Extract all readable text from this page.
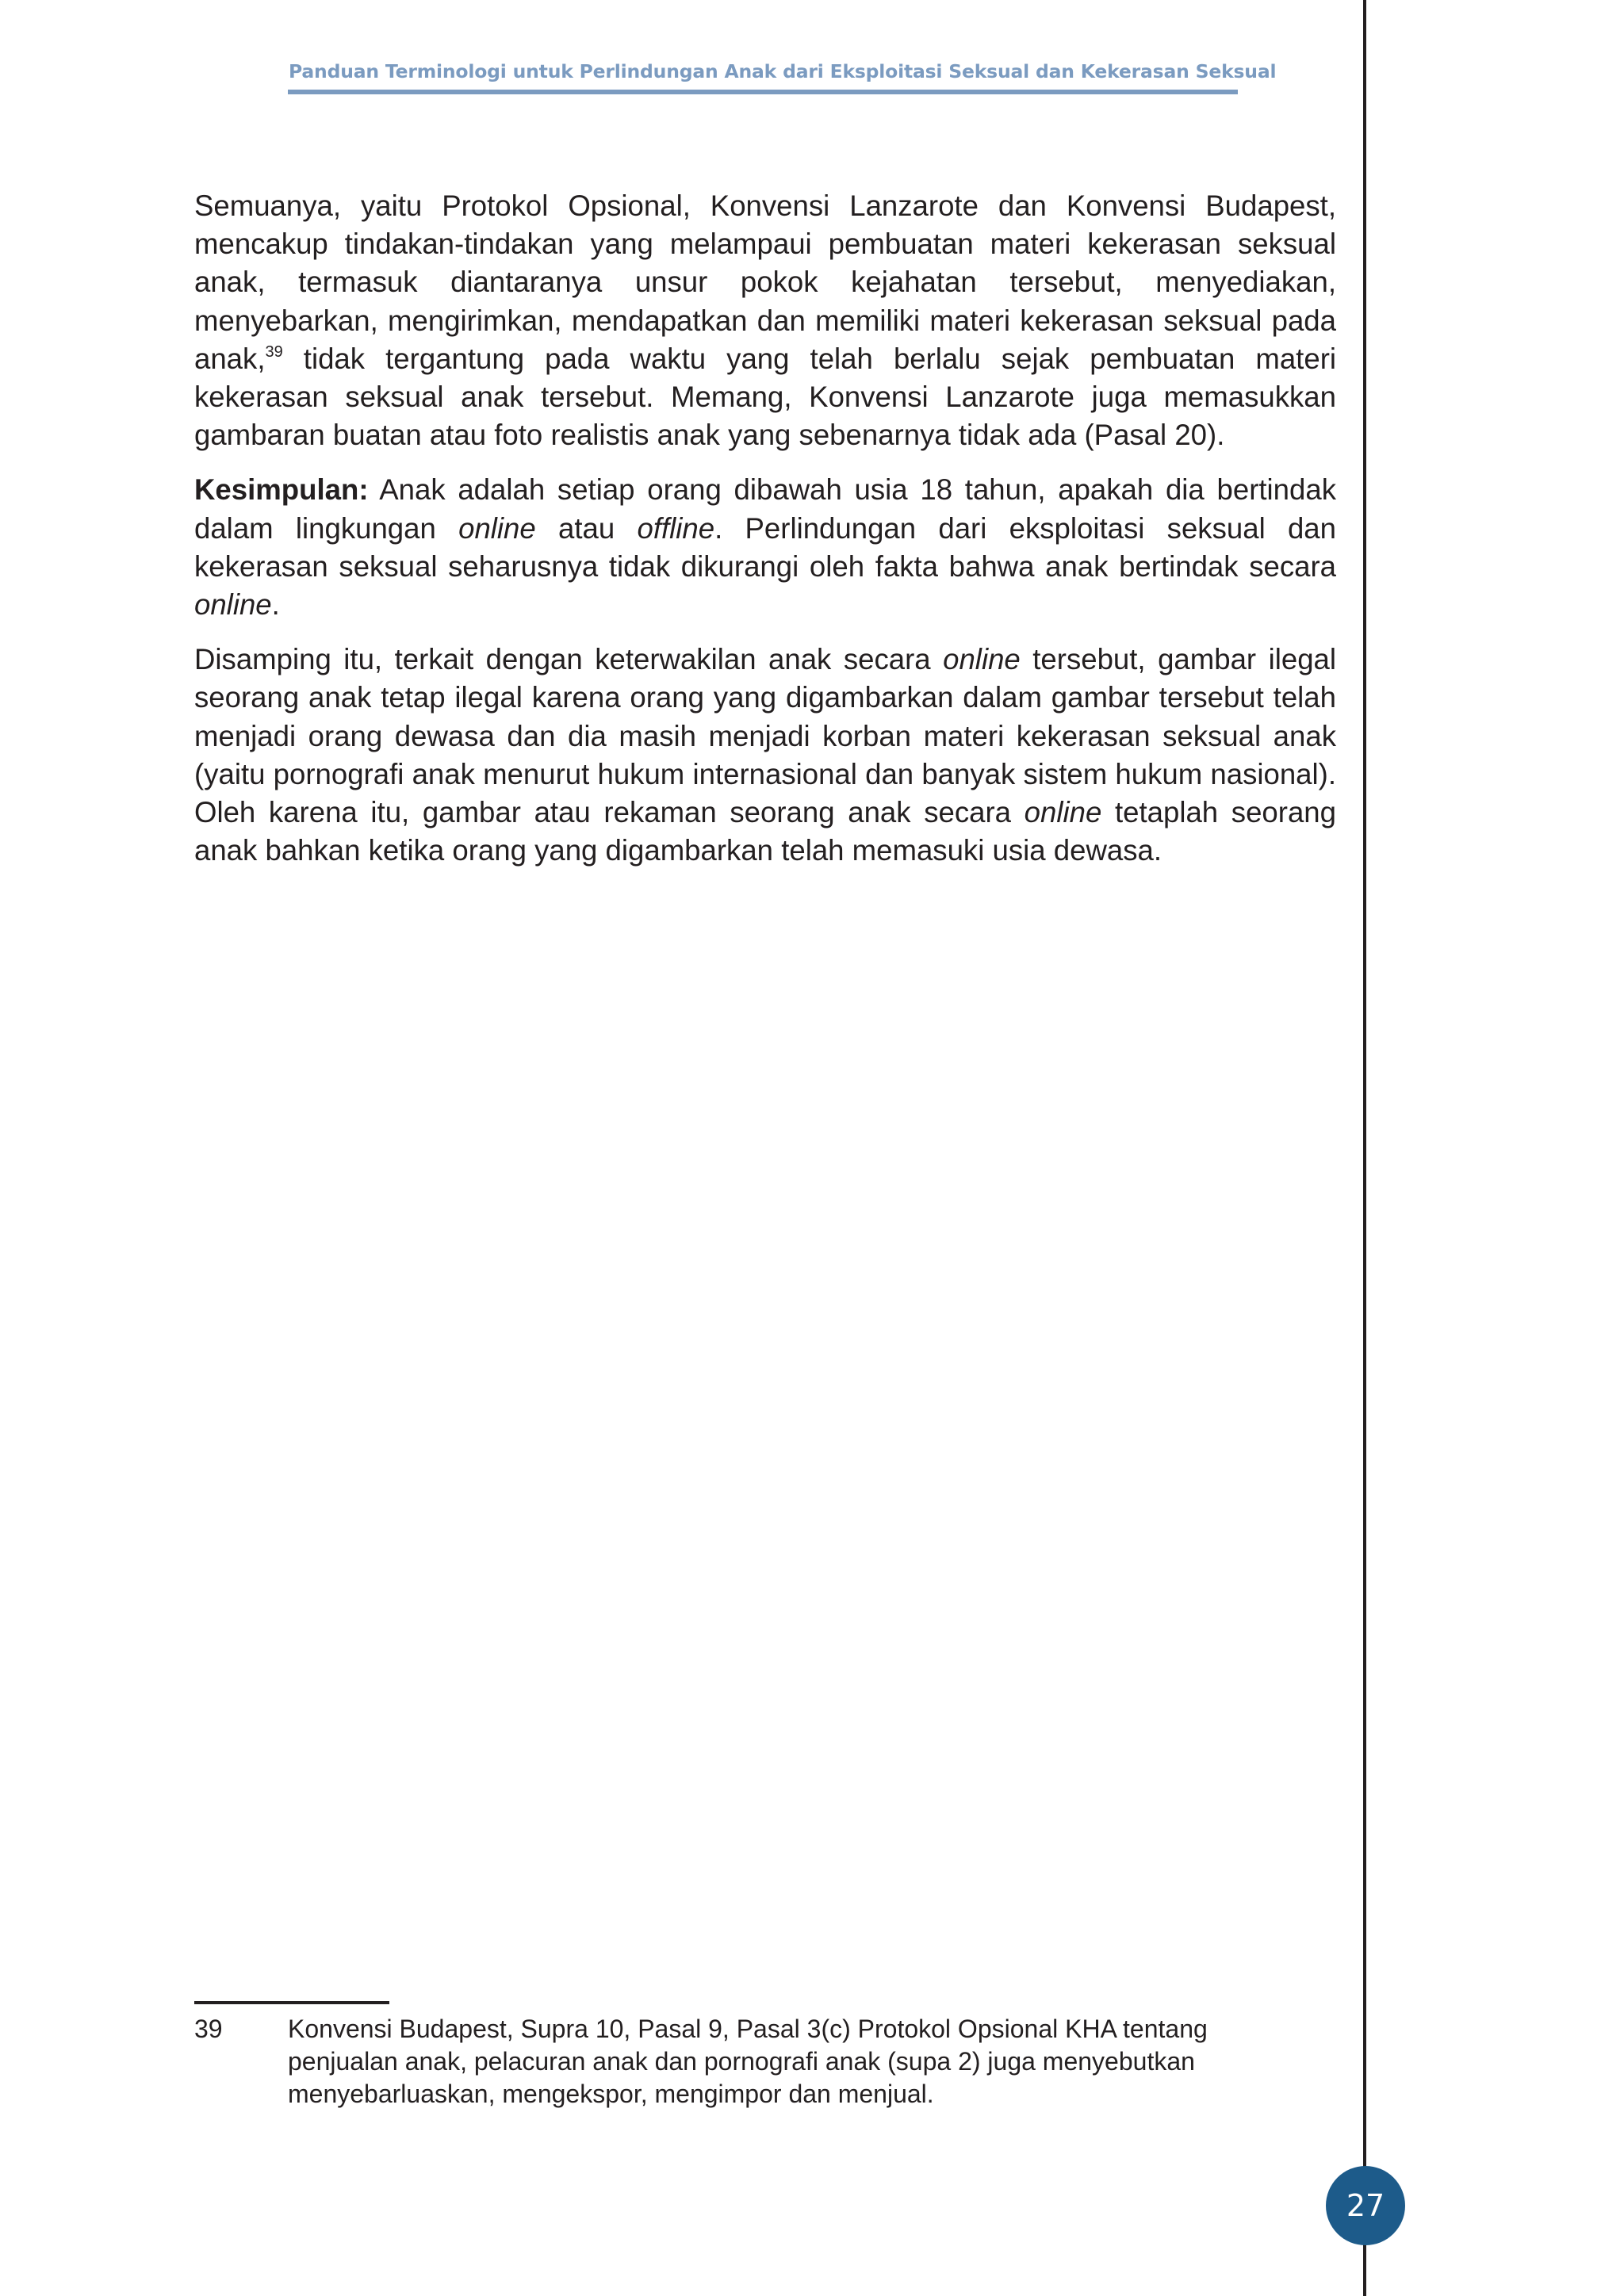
Panduan Terminologi untuk Perlindungan Anak dari Eksploitasi Seksual dan Kekerasan Seksual

Semuanya, yaitu Protokol Opsional, Konvensi Lanzarote dan Konvensi Budapest, mencakup tindakan-tindakan yang melampaui pembuatan materi kekerasan seksual anak, termasuk diantaranya unsur pokok kejahatan tersebut, menyediakan, menyebarkan, mengirimkan, mendapatkan dan memiliki materi kekerasan seksual pada anak,$^{39}$ tidak tergantung pada waktu yang telah berlalu sejak pembuatan materi kekerasan seksual anak tersebut. Memang, Konvensi Lanzarote juga memasukkan gambaran buatan atau foto realistis anak yang sebenarnya tidak ada (Pasal 20).

Kesimpulan: Anak adalah setiap orang dibawah usia 18 tahun, apakah dia bertindak dalam lingkungan online atau offline. Perlindungan dari eksploitasi seksual dan kekerasan seksual seharusnya tidak dikurangi oleh fakta bahwa anak bertindak secara online.

Disamping itu, terkait dengan keterwakilan anak secara online tersebut, gambar ilegal seorang anak tetap ilegal karena orang yang digambarkan dalam gambar tersebut telah menjadi orang dewasa dan dia masih menjadi korban materi kekerasan seksual anak (yaitu pornografi anak menurut hukum internasional dan banyak sistem hukum nasional). Oleh karena itu, gambar atau rekaman seorang anak secara online tetaplah seorang anak bahkan ketika orang yang digambarkan telah memasuki usia dewasa.

39	Konvensi Budapest, Supra 10, Pasal 9, Pasal 3(c) Protokol Opsional KHA tentang penjualan anak, pelacuran anak dan pornografi anak (supa 2) juga menyebutkan menyebarluaskan, mengekspor, mengimpor dan menjual.
27
